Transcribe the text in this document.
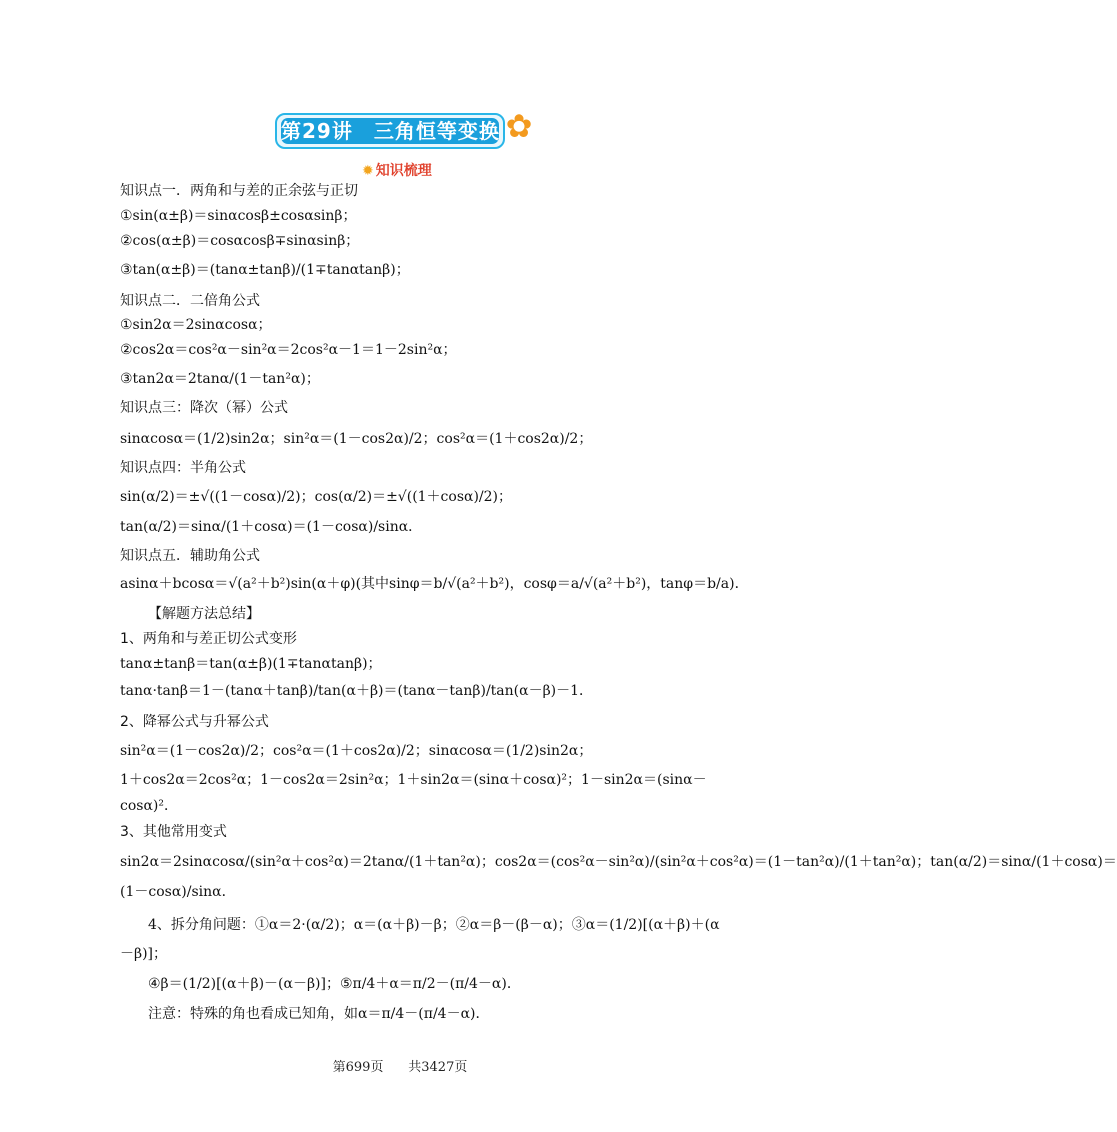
第29讲　三角恒等变换 ✿
✹ 知识梳理
知识点一．两角和与差的正余弦与正切
①sin(α±β)＝sinαcosβ±cosαsinβ；
②cos(α±β)＝cosαcosβ∓sinαsinβ；
③tan(α±β)＝(tanα±tanβ)/(1∓tanαtanβ)；
知识点二．二倍角公式
①sin2α＝2sinαcosα；
②cos2α＝cos²α－sin²α＝2cos²α－1＝1－2sin²α；
③tan2α＝2tanα/(1－tan²α)；
知识点三：降次（幂）公式
sinαcosα＝(1/2)sin2α；sin²α＝(1－cos2α)/2；cos²α＝(1＋cos2α)/2；
知识点四：半角公式
sin(α/2)＝±√((1－cosα)/2)；cos(α/2)＝±√((1＋cosα)/2)；
tan(α/2)＝sinα/(1＋cosα)＝(1－cosα)/sinα．
知识点五．辅助角公式
asinα＋bcosα＝√(a²＋b²)sin(α＋φ)(其中sinφ＝b/√(a²＋b²)，cosφ＝a/√(a²＋b²)，tanφ＝b/a)．
【解题方法总结】
1、两角和与差正切公式变形
tanα±tanβ＝tan(α±β)(1∓tanαtanβ)；
tanα·tanβ＝1－(tanα＋tanβ)/tan(α＋β)＝(tanα－tanβ)/tan(α－β)－1．
2、降幂公式与升幂公式
sin²α＝(1－cos2α)/2；cos²α＝(1＋cos2α)/2；sinαcosα＝(1/2)sin2α；
1＋cos2α＝2cos²α；1－cos2α＝2sin²α；1＋sin2α＝(sinα＋cosα)²；1－sin2α＝(sinα－
cosα)²．
3、其他常用变式
sin2α＝2sinαcosα/(sin²α＋cos²α)＝2tanα/(1＋tan²α)；cos2α＝(cos²α－sin²α)/(sin²α＋cos²α)＝(1－tan²α)/(1＋tan²α)；tan(α/2)＝sinα/(1＋cosα)＝
(1－cosα)/sinα．
4、拆分角问题：①α＝2·(α/2)；α＝(α＋β)－β；②α＝β－(β－α)；③α＝(1/2)[(α＋β)＋(α
－β)]；
④β＝(1/2)[(α＋β)－(α－β)]；⑤π/4＋α＝π/2－(π/4－α)．
注意：特殊的角也看成已知角，如α＝π/4－(π/4－α)．
第699页 共3427页
